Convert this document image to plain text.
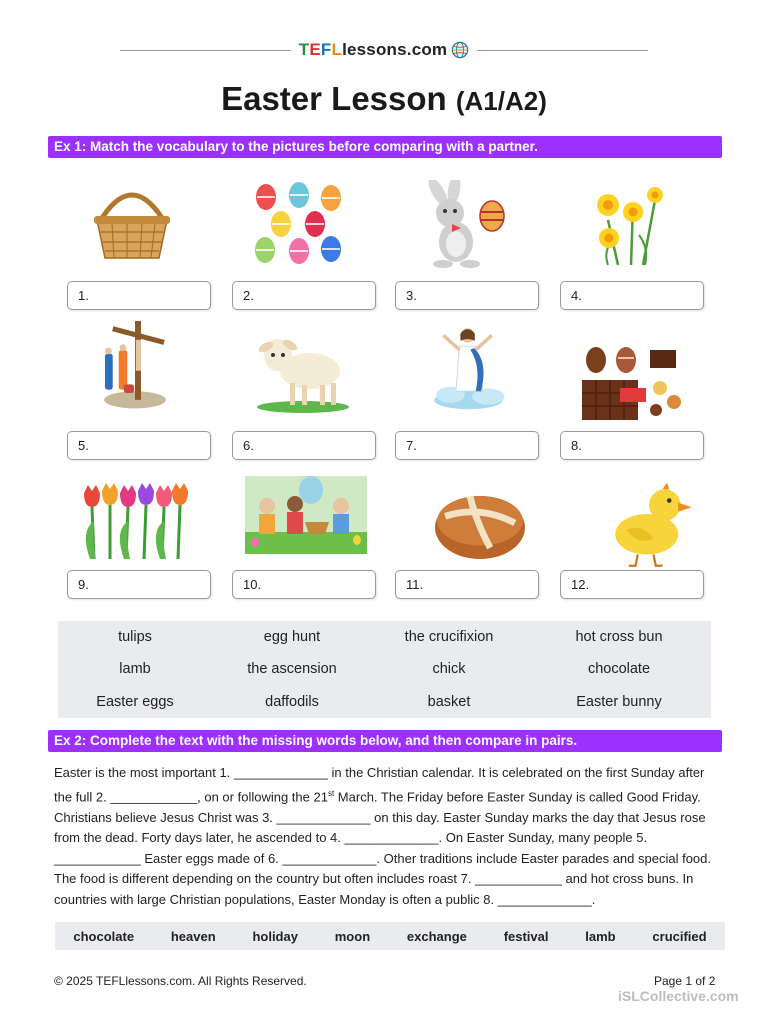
T E F L lessons.com
Easter Lesson (A1/A2)
Ex 1: Match the vocabulary to the pictures before comparing with a partner.
1.	2.	3.	4.
5.	6.	7.	8.
9.	10.	11.	12.
tulips	egg hunt	the crucifixion	hot cross bun
lamb	the ascension	chick	chocolate
Easter eggs	daffodils	basket	Easter bunny
Ex 2: Complete the text with the missing words below, and then compare in pairs.
Easter is the most important 1. _____________ in the Christian calendar. It is celebrated on the first Sunday after the full 2. ____________, on or following the 21st March. The Friday before Easter Sunday is called Good Friday. Christians believe Jesus Christ was 3. _____________ on this day. Easter Sunday marks the day that Jesus rose from the dead. Forty days later, he ascended to 4. _____________. On Easter Sunday, many people 5. ____________ Easter eggs made of 6. _____________. Other traditions include Easter parades and special food. The food is different depending on the country but often includes roast 7. ____________ and hot cross buns. In countries with large Christian populations, Easter Monday is often a public 8. _____________.
chocolate	heaven	holiday	moon	exchange	festival	lamb	crucified
© 2025 TEFLlessons.com. All Rights Reserved.	Page 1 of 2
iSLCollective.com
